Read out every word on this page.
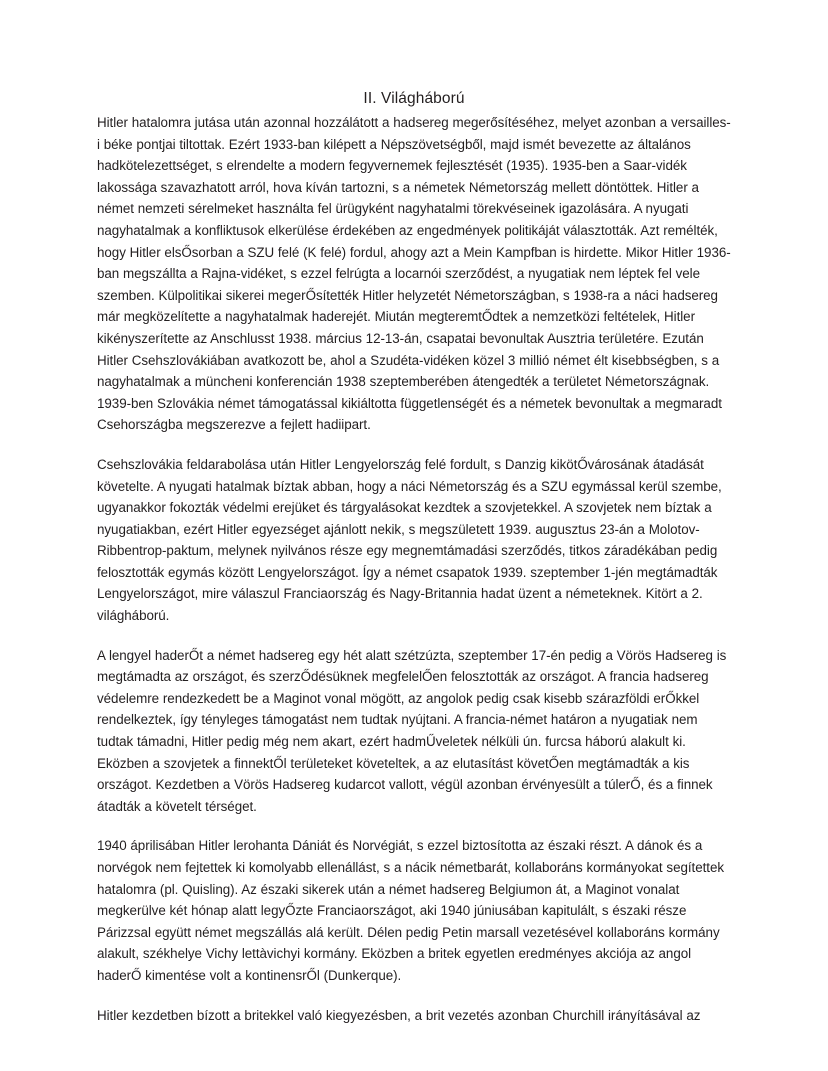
II. Világháború

Hitler hatalomra jutása után azonnal hozzálátott a hadsereg megerősítéséhez, melyet azonban a versailles-i béke pontjai tiltottak. Ezért 1933-ban kilépett a Népszövetségből, majd ismét bevezette az általános hadkötelezettséget, s elrendelte a modern fegyvernemek fejlesztését (1935). 1935-ben a Saar-vidék lakossága szavazhatott arról, hova kíván tartozni, s a németek Németország mellett döntöttek. Hitler a német nemzeti sérelmeket használta fel ürügyként nagyhatalmi törekvéseinek igazolására. A nyugati nagyhatalmak a konfliktusok elkerülése érdekében az engedmények politikáját választották. Azt remélték, hogy Hitler elsŐsorban a SZU felé (K felé) fordul, ahogy azt a Mein Kampfban is hirdette. Mikor Hitler 1936-ban megszállta a Rajna-vidéket, s ezzel felrúgta a locarnói szerződést, a nyugatiak nem léptek fel vele szemben. Külpolitikai sikerei megerŐsítették Hitler helyzetét Németországban, s 1938-ra a náci hadsereg már megközelítette a nagyhatalmak haderejét. Miután megteremtŐdtek a nemzetközi feltételek, Hitler kikényszerítette az Anschlusst 1938. március 12-13-án, csapatai bevonultak Ausztria területére. Ezután Hitler Csehszlovákiában avatkozott be, ahol a Szudéta-vidéken közel 3 millió német élt kisebbségben, s a nagyhatalmak a müncheni konferencián 1938 szeptemberében átengedték a területet Németországnak. 1939-ben Szlovákia német támogatással kikiáltotta függetlenségét és a németek bevonultak a megmaradt Csehországba megszerezve a fejlett hadiipart.

Csehszlovákia feldarabolása után Hitler Lengyelország felé fordult, s Danzig kikötŐvárosának átadását követelte. A nyugati hatalmak bíztak abban, hogy a náci Németország és a SZU egymással kerül szembe, ugyanakkor fokozták védelmi erejüket és tárgyalásokat kezdtek a szovjetekkel. A szovjetek nem bíztak a nyugatiakban, ezért Hitler egyezséget ajánlott nekik, s megszületett 1939. augusztus 23-án a Molotov-Ribbentrop-paktum, melynek nyilvános része egy megnemtámadási szerződés, titkos záradékában pedig felosztották egymás között Lengyelországot. Így a német csapatok 1939. szeptember 1-jén megtámadták Lengyelországot, mire válaszul Franciaország és Nagy-Britannia hadat üzent a németeknek. Kitört a 2. világháború.

A lengyel haderŐt a német hadsereg egy hét alatt szétzúzta, szeptember 17-én pedig a Vörös Hadsereg is megtámadta az országot, és szerzŐdésüknek megfelelŐen felosztották az országot. A francia hadsereg védelemre rendezkedett be a Maginot vonal mögött, az angolok pedig csak kisebb szárazföldi erŐkkel rendelkeztek, így tényleges támogatást nem tudtak nyújtani. A francia-német határon a nyugatiak nem tudtak támadni, Hitler pedig még nem akart, ezért hadmŰveletek nélküli ún. furcsa háború alakult ki. Eközben a szovjetek a finnektŐl területeket követeltek, a az elutasítást követŐen megtámadták a kis országot. Kezdetben a Vörös Hadsereg kudarcot vallott, végül azonban érvényesült a túlerŐ, és a finnek átadták a követelt térséget.

1940 áprilisában Hitler lerohanta Dániát és Norvégiát, s ezzel biztosította az északi részt. A dánok és a norvégok nem fejtettek ki komolyabb ellenállást, s a nácik németbarát, kollaboráns kormányokat segítettek hatalomra (pl. Quisling). Az északi sikerek után a német hadsereg Belgiumon át, a Maginot vonalat megkerülve két hónap alatt legyŐzte Franciaországot, aki 1940 júniusában kapitulált, s északi része Párizzsal együtt német megszállás alá került. Délen pedig Petin marsall vezetésével kollaboráns kormány alakult, székhelye Vichy lettàvichyi kormány. Eközben a britek egyetlen eredményes akciója az angol haderŐ kimentése volt a kontinensrŐl (Dunkerque).

Hitler kezdetben bízott a britekkel való kiegyezésben, a brit vezetés azonban Churchill irányításával az
